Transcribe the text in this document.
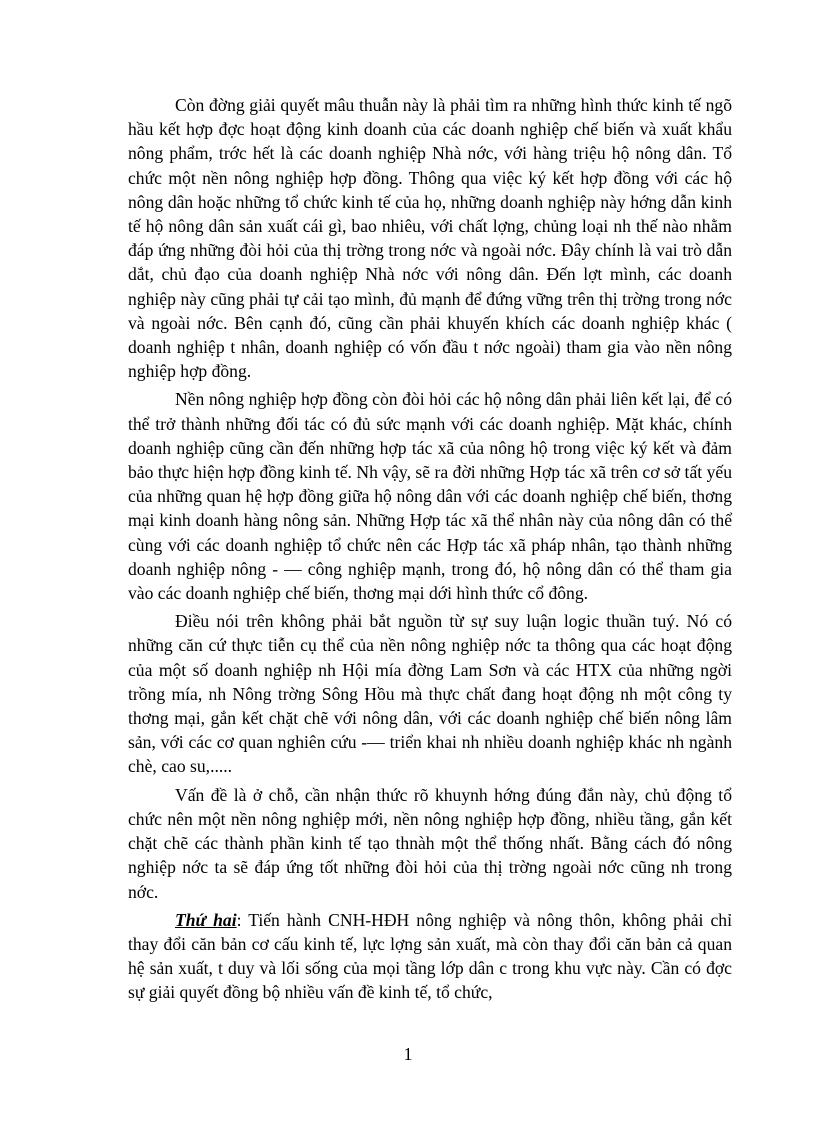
Còn đờng giải quyết mâu thuẫn này là phải tìm ra những hình thức kinh tế ngõ hầu kết hợp đợc hoạt động kinh doanh của các doanh nghiệp chế biến và xuất khẩu nông phẩm, trớc hết là các doanh nghiệp Nhà nớc, với hàng triệu hộ nông dân. Tổ chức một nền nông nghiệp hợp đồng. Thông qua việc ký kết hợp đồng với các hộ nông dân hoặc những tổ chức kinh tế của họ, những doanh nghiệp này hớng dẫn kinh tế hộ nông dân sản xuất cái gì, bao nhiêu, với chất lợng, chủng loại nh thế nào nhằm đáp ứng những đòi hỏi của thị trờng trong nớc và ngoài nớc. Đây chính là vai trò dẫn dắt, chủ đạo của doanh nghiệp Nhà nớc với nông dân. Đến lợt mình, các doanh nghiệp này cũng phải tự cải tạo mình, đủ mạnh để đứng vững trên thị trờng trong nớc và ngoài nớc. Bên cạnh đó, cũng cần phải khuyến khích các doanh nghiệp khác ( doanh nghiệp t nhân, doanh nghiệp có vốn đầu t nớc ngoài) tham gia vào nền nông nghiệp hợp đồng.

Nền nông nghiệp hợp đồng còn đòi hỏi các hộ nông dân phải liên kết lại, để có thể trở thành những đối tác có đủ sức mạnh với các doanh nghiệp. Mặt khác, chính doanh nghiệp cũng cần đến những hợp tác xã của nông hộ trong việc ký kết và đảm bảo thực hiện hợp đồng kinh tế. Nh vậy, sẽ ra đời những Hợp tác xã trên cơ sở tất yếu của những quan hệ hợp đồng giữa hộ nông dân với các doanh nghiệp chế biến, thơng mại kinh doanh hàng nông sản. Những Hợp tác xã thể nhân này của nông dân có thể cùng với các doanh nghiệp tổ chức nên các Hợp tác xã pháp nhân, tạo thành những doanh nghiệp nông - — công nghiệp mạnh, trong đó, hộ nông dân có thể tham gia vào các doanh nghiệp chế biến, thơng mại dới hình thức cổ đông.

Điều nói trên không phải bắt nguồn từ sự suy luận logic thuần tuý. Nó có những căn cứ thực tiễn cụ thể của nền nông nghiệp nớc ta thông qua các hoạt động của một số doanh nghiệp nh Hội mía đờng Lam Sơn và các HTX của những ngời trồng mía, nh Nông trờng Sông Hồu mà thực chất đang hoạt động nh một công ty thơng mại, gắn kết chặt chẽ với nông dân, với các doanh nghiệp chế biến nông lâm sản, với các cơ quan nghiên cứu -— triển khai nh nhiều doanh nghiệp khác nh ngành chè, cao su,.....

Vấn đề là ở chỗ, cần nhận thức rõ khuynh hớng đúng đắn này, chủ động tổ chức nên một nền nông nghiệp mới, nền nông nghiệp hợp đồng, nhiều tầng, gắn kết chặt chẽ các thành phần kinh tế tạo thnàh một thể thống nhất. Bằng cách đó nông nghiệp nớc ta sẽ đáp ứng tốt những đòi hỏi của thị trờng ngoài nớc cũng nh trong nớc.

Thứ hai: Tiến hành CNH-HĐH nông nghiệp và nông thôn, không phải chỉ thay đổi căn bản cơ cấu kinh tế, lực lợng sản xuất, mà còn thay đổi căn bản cả quan hệ sản xuất, t duy và lối sống của mọi tầng lớp dân c trong khu vực này. Cần có đợc sự giải quyết đồng bộ nhiều vấn đề kinh tế, tổ chức,

1
